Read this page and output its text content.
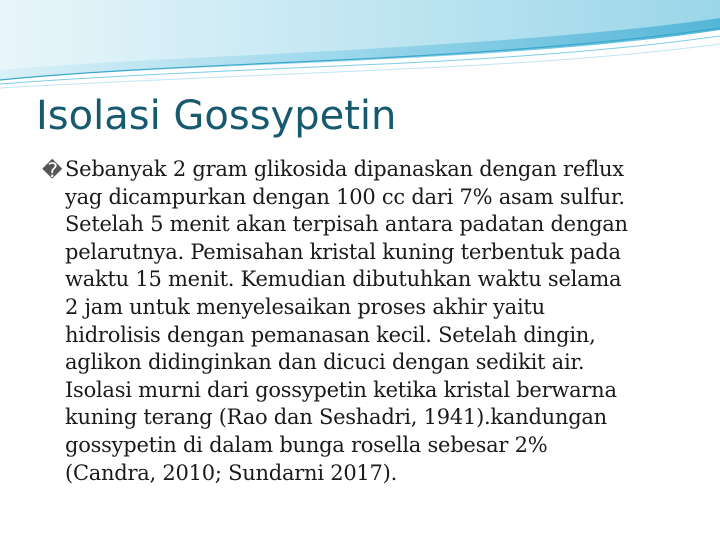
Isolasi Gossypetin

� Sebanyak 2 gram glikosida dipanaskan dengan reflux
yag dicampurkan dengan 100 cc dari 7% asam sulfur.
Setelah 5 menit akan terpisah antara padatan dengan
pelarutnya. Pemisahan kristal kuning terbentuk pada
waktu 15 menit. Kemudian dibutuhkan waktu selama
2 jam untuk menyelesaikan proses akhir yaitu
hidrolisis dengan pemanasan kecil. Setelah dingin,
aglikon didinginkan dan dicuci dengan sedikit air.
Isolasi murni dari gossypetin ketika kristal berwarna
kuning terang (Rao dan Seshadri, 1941).kandungan
gossypetin di dalam bunga rosella sebesar 2%
(Candra, 2010; Sundarni 2017).
